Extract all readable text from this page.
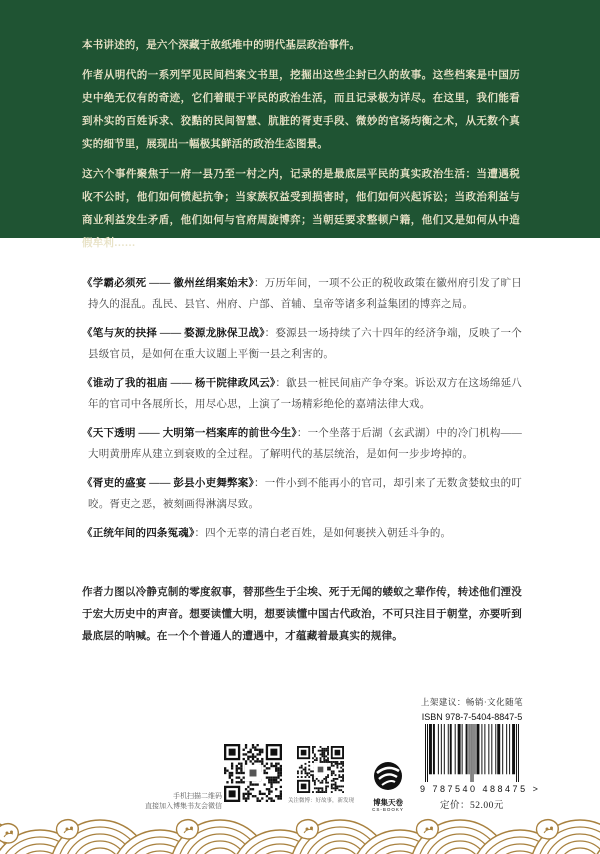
本书讲述的，是六个深藏于故纸堆中的明代基层政治事件。

作者从明代的一系列罕见民间档案文书里，挖掘出这些尘封已久的故事。这些档案是中国历史中绝无仅有的奇迹，它们着眼于平民的政治生活，而且记录极为详尽。在这里，我们能看到朴实的百姓诉求、狡黠的民间智慧、肮脏的胥吏手段、微妙的官场均衡之术，从无数个真实的细节里，展现出一幅极其鲜活的政治生态图景。

这六个事件聚焦于一府一县乃至一村之内，记录的是最底层平民的真实政治生活：当遭遇税收不公时，他们如何愤起抗争；当家族权益受到损害时，他们如何兴起诉讼；当政治利益与商业利益发生矛盾，他们如何与官府周旋博弈；当朝廷要求整顿户籍，他们又是如何从中造假牟利……

《学霸必须死 —— 徽州丝绢案始末》：万历年间，一项不公正的税收政策在徽州府引发了旷日持久的混乱。乱民、县官、州府、户部、首辅、皇帝等诸多利益集团的博弈之局。

《笔与灰的抉择 —— 婺源龙脉保卫战》：婺源县一场持续了六十四年的经济争端，反映了一个县级官员，是如何在重大议题上平衡一县之利害的。

《谁动了我的祖庙 —— 杨干院律政风云》：歙县一桩民间庙产争夺案。诉讼双方在这场绵延八年的官司中各展所长，用尽心思，上演了一场精彩绝伦的嘉靖法律大戏。

《天下透明 —— 大明第一档案库的前世今生》：一个坐落于后湖（玄武湖）中的冷门机构——大明黄册库从建立到衰败的全过程。了解明代的基层统治，是如何一步步垮掉的。

《胥吏的盛宴 —— 彭县小吏舞弊案》：一件小到不能再小的官司，却引来了无数贪婪蚊虫的叮咬。胥吏之恶，被刻画得淋漓尽致。

《正统年间的四条冤魂》：四个无辜的清白老百姓，是如何裹挟入朝廷斗争的。

作者力图以冷静克制的零度叙事，替那些生于尘埃、死于无闻的蝼蚁之辈作传，转述他们湮没于宏大历史中的声音。想要读懂大明，想要读懂中国古代政治，不可只注目于朝堂，亦要听到最底层的呐喊。在一个个普通人的遭遇中，才蕴藏着最真实的规律。

手机扫描二维码
直接加入博集书友会微信
关注微博：好故事，新发现	博集天卷
CS-BOOKY
上架建议：畅销·文化随笔
ISBN 978-7-5404-8847-5
9 787540 488475 >
定价：52.00元
